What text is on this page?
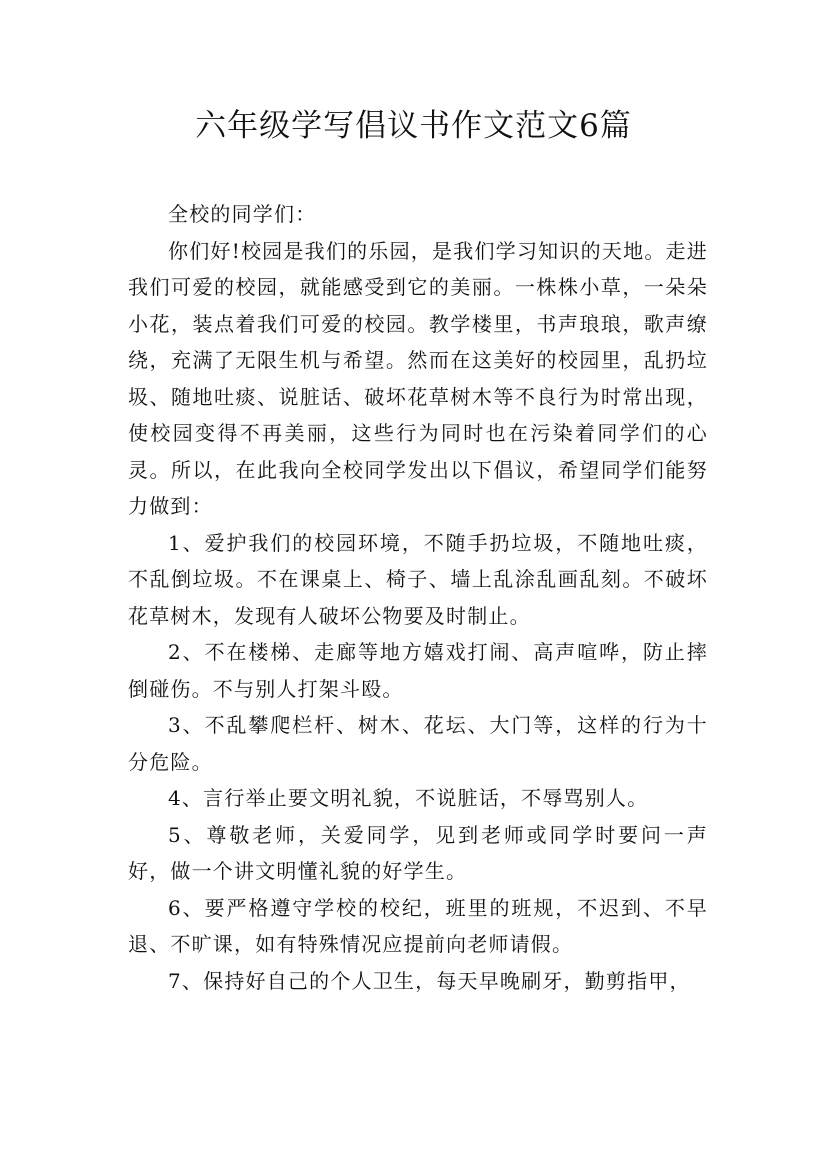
六年级学写倡议书作文范文6篇

全校的同学们：

你们好!校园是我们的乐园，是我们学习知识的天地。走进我们可爱的校园，就能感受到它的美丽。一株株小草，一朵朵小花，装点着我们可爱的校园。教学楼里，书声琅琅，歌声缭绕，充满了无限生机与希望。然而在这美好的校园里，乱扔垃圾、随地吐痰、说脏话、破坏花草树木等不良行为时常出现，使校园变得不再美丽，这些行为同时也在污染着同学们的心灵。所以，在此我向全校同学发出以下倡议，希望同学们能努力做到：

1、爱护我们的校园环境，不随手扔垃圾，不随地吐痰，不乱倒垃圾。不在课桌上、椅子、墙上乱涂乱画乱刻。不破坏花草树木，发现有人破坏公物要及时制止。

2、不在楼梯、走廊等地方嬉戏打闹、高声喧哗，防止摔倒碰伤。不与别人打架斗殴。

3、不乱攀爬栏杆、树木、花坛、大门等，这样的行为十分危险。

4、言行举止要文明礼貌，不说脏话，不辱骂别人。

5、尊敬老师，关爱同学，见到老师或同学时要问一声好，做一个讲文明懂礼貌的好学生。

6、要严格遵守学校的校纪，班里的班规，不迟到、不早退、不旷课，如有特殊情况应提前向老师请假。

7、保持好自己的个人卫生，每天早晚刷牙，勤剪指甲，
